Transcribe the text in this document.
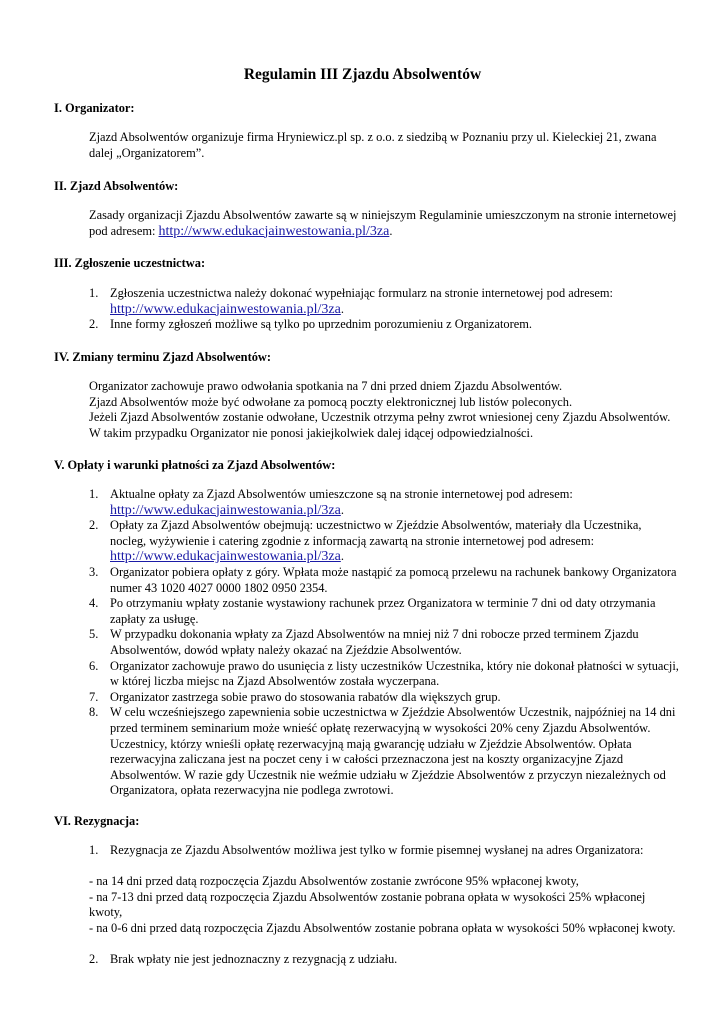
Regulamin III Zjazdu Absolwentów
I. Organizator:

Zjazd Absolwentów organizuje firma Hryniewicz.pl sp. z o.o. z siedzibą w Poznaniu przy ul. Kieleckiej 21, zwana dalej „Organizatorem”.

II. Zjazd Absolwentów:

Zasady organizacji Zjazdu Absolwentów zawarte są w niniejszym Regulaminie umieszczonym na stronie internetowej pod adresem: http://www.edukacjainwestowania.pl/3za.

III. Zgłoszenie uczestnictwa:
1. Zgłoszenia uczestnictwa należy dokonać wypełniając formularz na stronie internetowej pod adresem: http://www.edukacjainwestowania.pl/3za.
2. Inne formy zgłoszeń możliwe są tylko po uprzednim porozumieniu z Organizatorem.
IV. Zmiany terminu Zjazd Absolwentów:

Organizator zachowuje prawo odwołania spotkania na 7 dni przed dniem Zjazdu Absolwentów.

Zjazd Absolwentów może być odwołane za pomocą poczty elektronicznej lub listów poleconych.

Jeżeli Zjazd Absolwentów zostanie odwołane, Uczestnik otrzyma pełny zwrot wniesionej ceny Zjazdu Absolwentów. W takim przypadku Organizator nie ponosi jakiejkolwiek dalej idącej odpowiedzialności.

V. Opłaty i warunki płatności za Zjazd Absolwentów:
1. Aktualne opłaty za Zjazd Absolwentów umieszczone są na stronie internetowej pod adresem: http://www.edukacjainwestowania.pl/3za.
2. Opłaty za Zjazd Absolwentów obejmują: uczestnictwo w Zjeździe Absolwentów, materiały dla Uczestnika, nocleg, wyżywienie i catering zgodnie z informacją zawartą na stronie internetowej pod adresem: http://www.edukacjainwestowania.pl/3za.
3. Organizator pobiera opłaty z góry. Wpłata może nastąpić za pomocą przelewu na rachunek bankowy Organizatora numer 43 1020 4027 0000 1802 0950 2354.
4. Po otrzymaniu wpłaty zostanie wystawiony rachunek przez Organizatora w terminie 7 dni od daty otrzymania zapłaty za usługę.
5. W przypadku dokonania wpłaty za Zjazd Absolwentów na mniej niż 7 dni robocze przed terminem Zjazdu Absolwentów, dowód wpłaty należy okazać na Zjeździe Absolwentów.
6. Organizator zachowuje prawo do usunięcia z listy uczestników Uczestnika, który nie dokonał płatności w sytuacji, w której liczba miejsc na Zjazd Absolwentów została wyczerpana.
7. Organizator zastrzega sobie prawo do stosowania rabatów dla większych grup.
8. W celu wcześniejszego zapewnienia sobie uczestnictwa w Zjeździe Absolwentów Uczestnik, najpóźniej na 14 dni przed terminem seminarium może wnieść opłatę rezerwacyjną w wysokości 20% ceny Zjazdu Absolwentów. Uczestnicy, którzy wnieśli opłatę rezerwacyjną mają gwarancję udziału w Zjeździe Absolwentów. Opłata rezerwacyjna zaliczana jest na poczet ceny i w całości przeznaczona jest na koszty organizacyjne Zjazd Absolwentów. W razie gdy Uczestnik nie weźmie udziału w Zjeździe Absolwentów z przyczyn niezależnych od Organizatora, opłata rezerwacyjna nie podlega zwrotowi.
VI. Rezygnacja:
1. Rezygnacja ze Zjazdu Absolwentów możliwa jest tylko w formie pisemnej wysłanej na adres Organizatora:

- na 14 dni przed datą rozpoczęcia Zjazdu Absolwentów zostanie zwrócone 95% wpłaconej kwoty,

- na 7-13 dni przed datą rozpoczęcia Zjazdu Absolwentów zostanie pobrana opłata w wysokości 25% wpłaconej kwoty,

- na 0-6 dni przed datą rozpoczęcia Zjazdu Absolwentów zostanie pobrana opłata w wysokości 50% wpłaconej kwoty.

2. Brak wpłaty nie jest jednoznaczny z rezygnacją z udziału.
